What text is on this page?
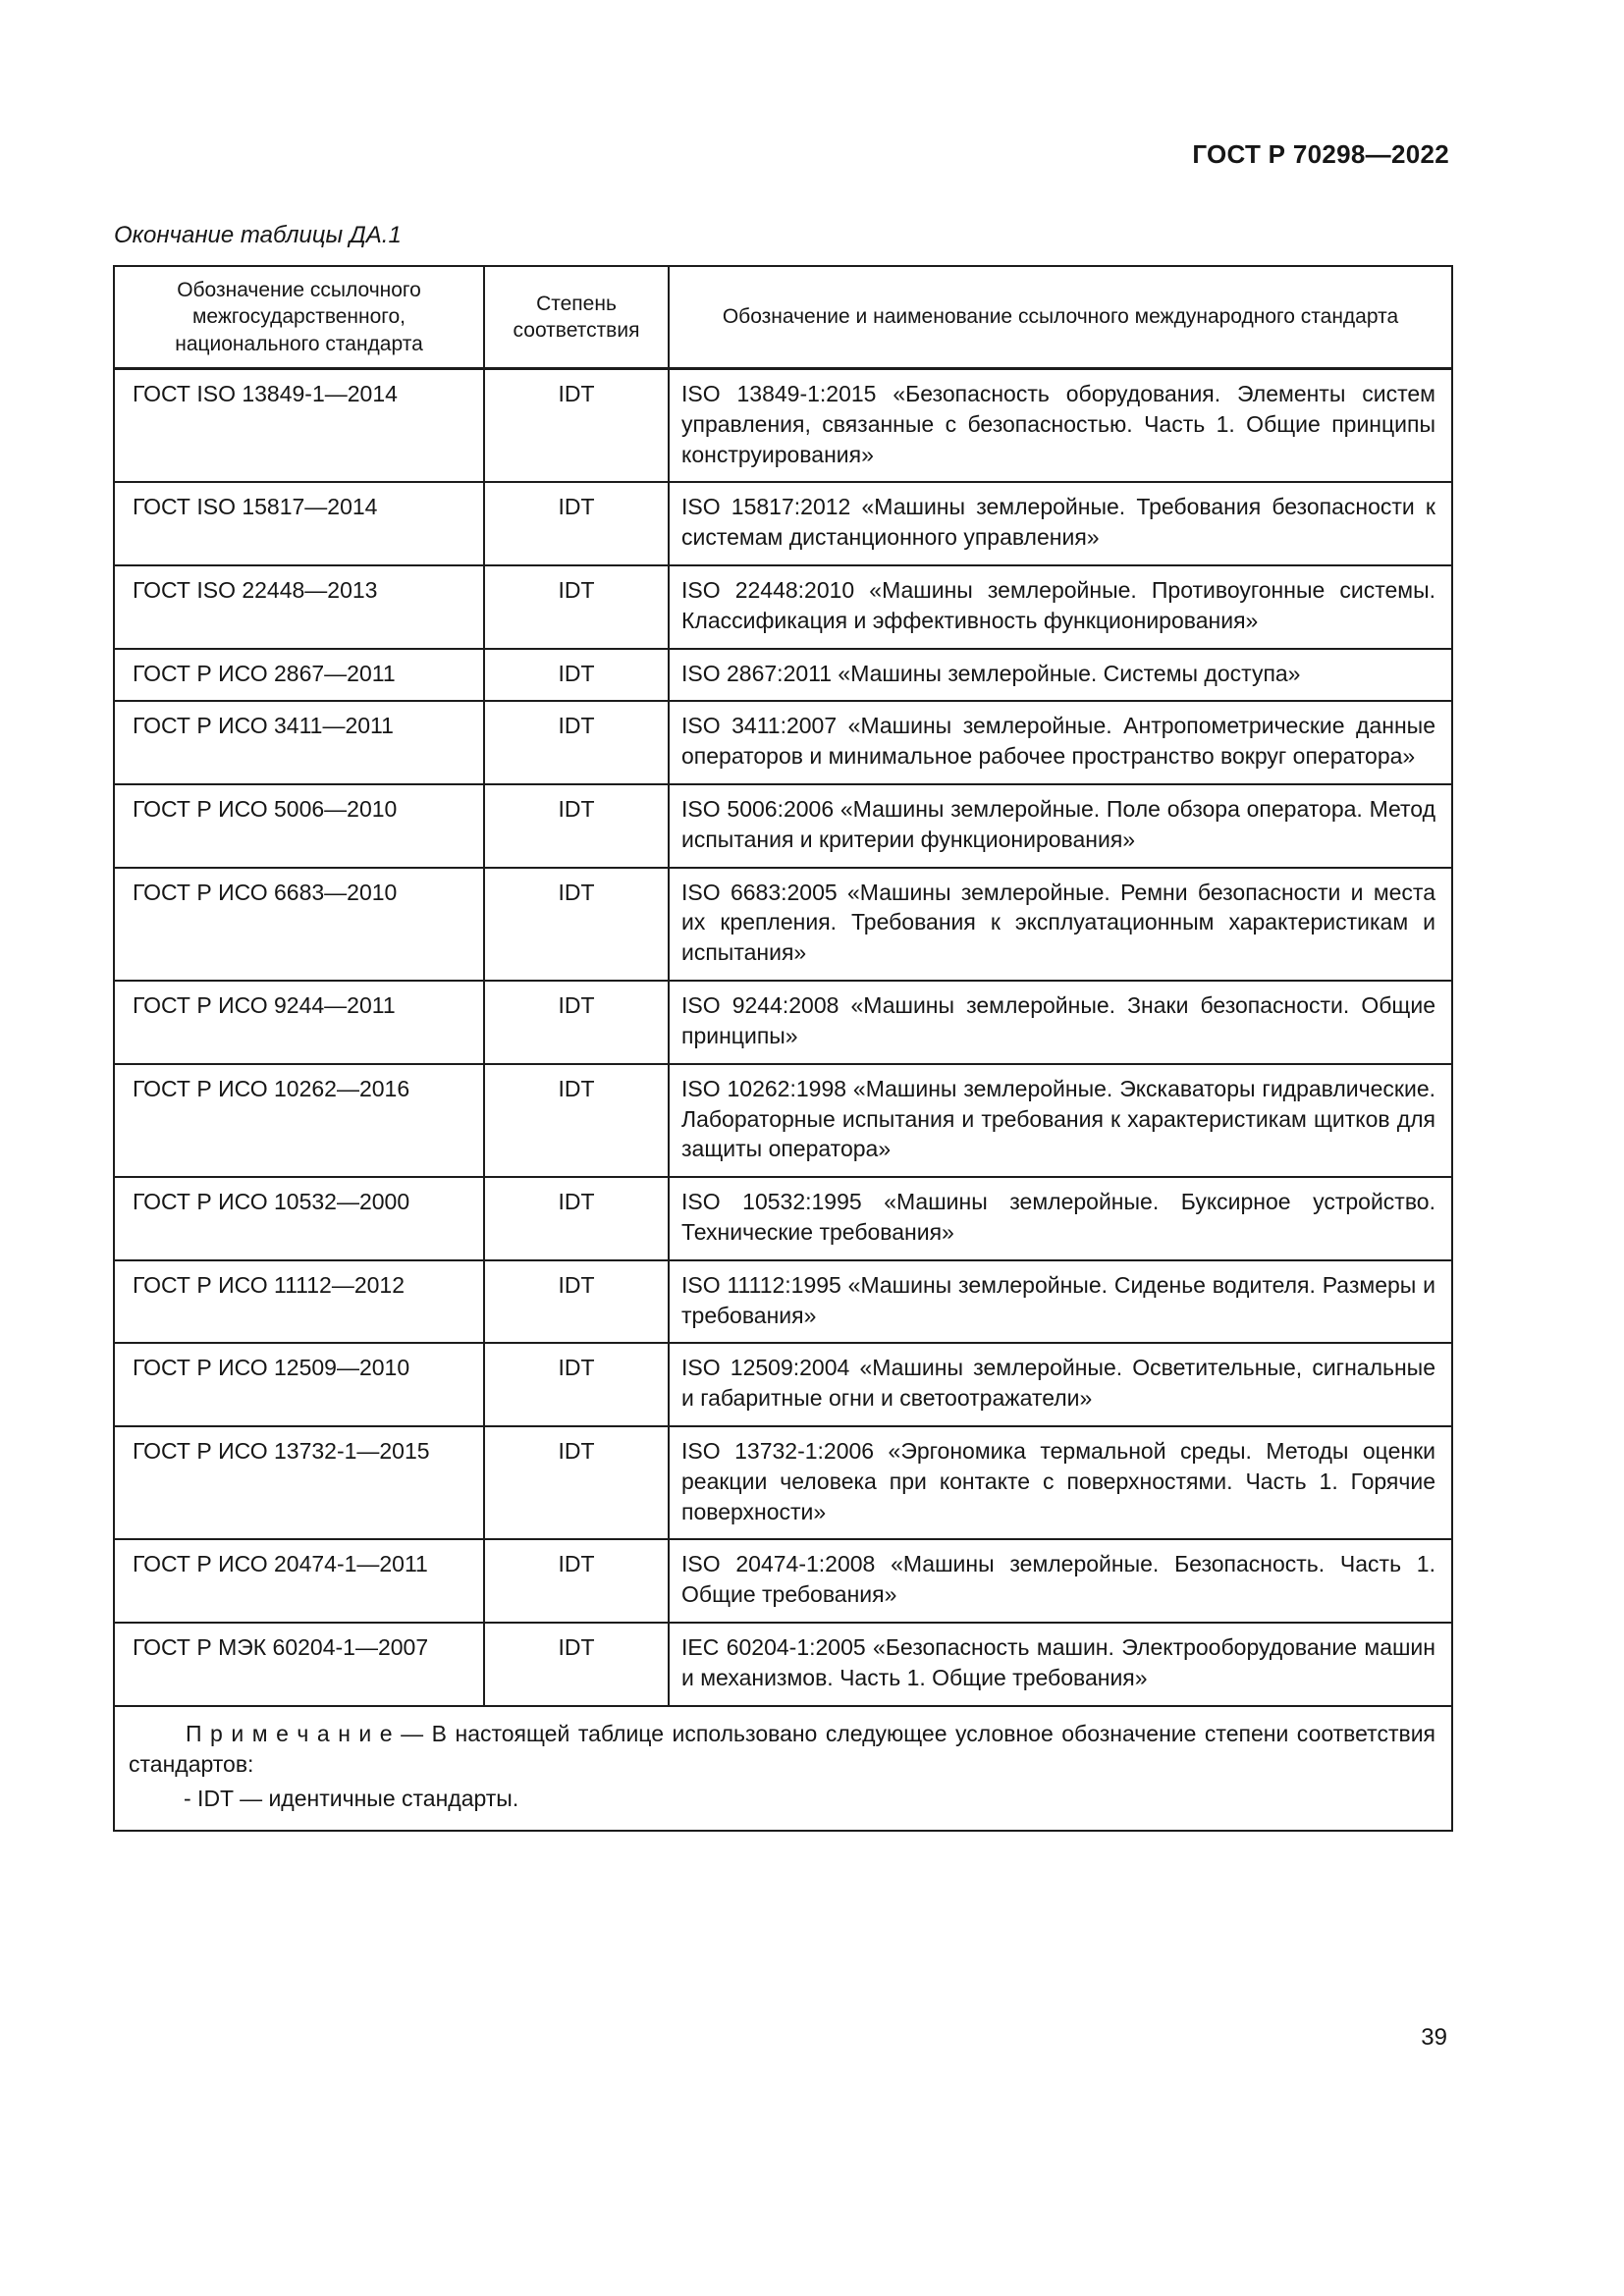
ГОСТ Р 70298—2022
Окончание таблицы ДА.1
Обозначение ссылочного межгосударственного, национального стандарта	Степень соответствия	Обозначение и наименование ссылочного международного стандарта
ГОСТ ISO 13849-1—2014	IDT	ISO 13849-1:2015 «Безопасность оборудования. Элементы систем управления, связанные с безопасностью. Часть 1. Общие принципы конструирования»
ГОСТ ISO 15817—2014	IDT	ISO 15817:2012 «Машины землеройные. Требования безопасности к системам дистанционного управления»
ГОСТ ISO 22448—2013	IDT	ISO 22448:2010 «Машины землеройные. Противоугонные системы. Классификация и эффективность функционирования»
ГОСТ Р ИСО 2867—2011	IDT	ISO 2867:2011 «Машины землеройные. Системы доступа»
ГОСТ Р ИСО 3411—2011	IDT	ISO 3411:2007 «Машины землеройные. Антропометрические данные операторов и минимальное рабочее пространство вокруг оператора»
ГОСТ Р ИСО 5006—2010	IDT	ISO 5006:2006 «Машины землеройные. Поле обзора оператора. Метод испытания и критерии функционирования»
ГОСТ Р ИСО 6683—2010	IDT	ISO 6683:2005 «Машины землеройные. Ремни безопасности и места их крепления. Требования к эксплуатационным характеристикам и испытания»
ГОСТ Р ИСО 9244—2011	IDT	ISO 9244:2008 «Машины землеройные. Знаки безопасности. Общие принципы»
ГОСТ Р ИСО 10262—2016	IDT	ISO 10262:1998 «Машины землеройные. Экскаваторы гидравлические. Лабораторные испытания и требования к характеристикам щитков для защиты оператора»
ГОСТ Р ИСО 10532—2000	IDT	ISO 10532:1995 «Машины землеройные. Буксирное устройство. Технические требования»
ГОСТ Р ИСО 11112—2012	IDT	ISO 11112:1995 «Машины землеройные. Сиденье водителя. Размеры и требования»
ГОСТ Р ИСО 12509—2010	IDT	ISO 12509:2004 «Машины землеройные. Осветительные, сигнальные и габаритные огни и светоотражатели»
ГОСТ Р ИСО 13732-1—2015	IDT	ISO 13732-1:2006 «Эргономика термальной среды. Методы оценки реакции человека при контакте с поверхностями. Часть 1. Горячие поверхности»
ГОСТ Р ИСО 20474-1—2011	IDT	ISO 20474-1:2008 «Машины землеройные. Безопасность. Часть 1. Общие требования»
ГОСТ Р МЭК 60204-1—2007	IDT	IEC 60204-1:2005 «Безопасность машин. Электрооборудование машин и механизмов. Часть 1. Общие требования»

П р и м е ч а н и е — В настоящей таблице использовано следующее условное обозначение степени соответствия стандартов:

- IDT — идентичные стандарты.		

39
